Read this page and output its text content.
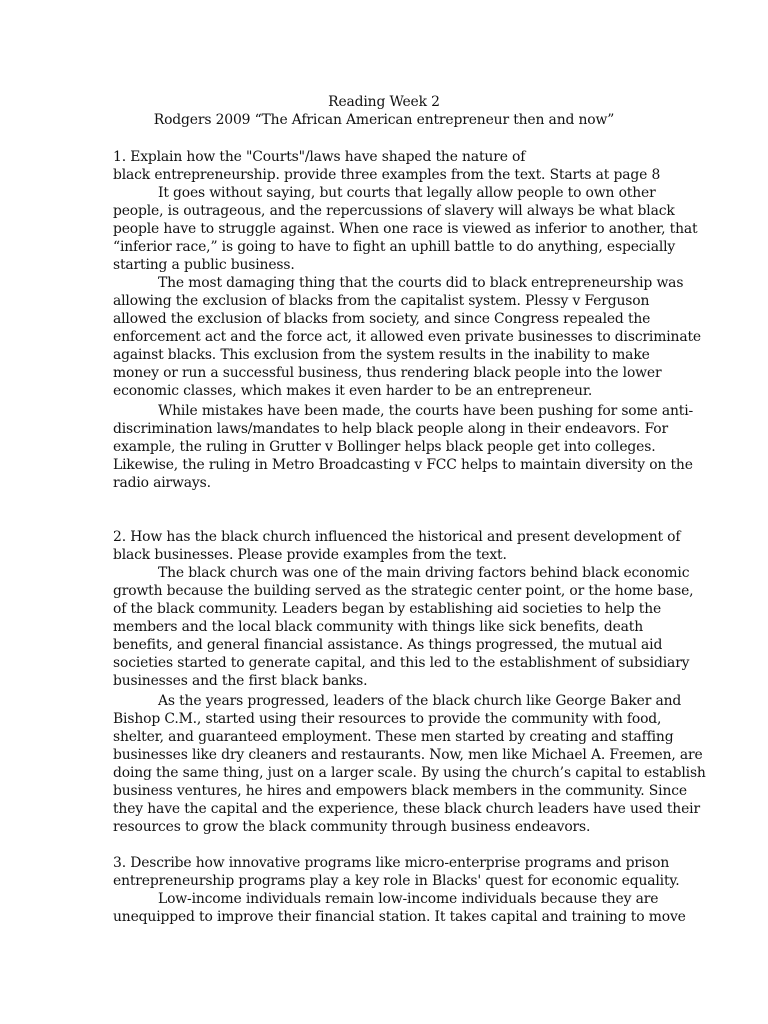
Reading Week 2
Rodgers 2009 “The African American entrepreneur then and now”
1. Explain how the "Courts"/laws have shaped the nature of
black entrepreneurship. provide three examples from the text. Starts at page 8
It goes without saying, but courts that legally allow people to own other
people, is outrageous, and the repercussions of slavery will always be what black
people have to struggle against. When one race is viewed as inferior to another, that
“inferior race,” is going to have to fight an uphill battle to do anything, especially
starting a public business.
The most damaging thing that the courts did to black entrepreneurship was
allowing the exclusion of blacks from the capitalist system. Plessy v Ferguson
allowed the exclusion of blacks from society, and since Congress repealed the
enforcement act and the force act, it allowed even private businesses to discriminate
against blacks. This exclusion from the system results in the inability to make
money or run a successful business, thus rendering black people into the lower
economic classes, which makes it even harder to be an entrepreneur.
While mistakes have been made, the courts have been pushing for some anti-
discrimination laws/mandates to help black people along in their endeavors. For
example, the ruling in Grutter v Bollinger helps black people get into colleges.
Likewise, the ruling in Metro Broadcasting v FCC helps to maintain diversity on the
radio airways.
2. How has the black church influenced the historical and present development of
black businesses. Please provide examples from the text.
The black church was one of the main driving factors behind black economic
growth because the building served as the strategic center point, or the home base,
of the black community. Leaders began by establishing aid societies to help the
members and the local black community with things like sick benefits, death
benefits, and general financial assistance. As things progressed, the mutual aid
societies started to generate capital, and this led to the establishment of subsidiary
businesses and the first black banks.
As the years progressed, leaders of the black church like George Baker and
Bishop C.M., started using their resources to provide the community with food,
shelter, and guaranteed employment. These men started by creating and staffing
businesses like dry cleaners and restaurants. Now, men like Michael A. Freemen, are
doing the same thing, just on a larger scale. By using the church’s capital to establish
business ventures, he hires and empowers black members in the community. Since
they have the capital and the experience, these black church leaders have used their
resources to grow the black community through business endeavors.
3. Describe how innovative programs like micro-enterprise programs and prison
entrepreneurship programs play a key role in Blacks' quest for economic equality.
Low-income individuals remain low-income individuals because they are
unequipped to improve their financial station. It takes capital and training to move
